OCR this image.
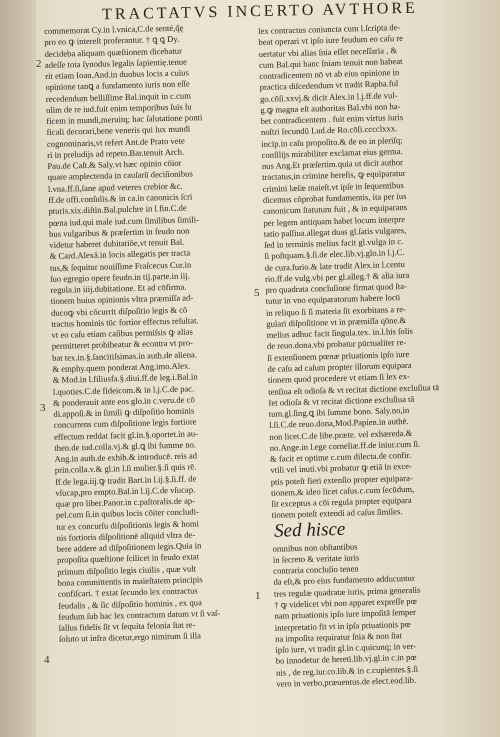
TRACTATVS INCERTO AVTHORE
commemorat Cy.in l.vnica,C.de senté,q̃ę
pro eo ꝙ intereſt proferantur. † ꝗ ꝗ Dy.
decideba aliquam quæſtionem dicebatur
adeſſe tota ſynodus legalis ſapientię.tenue
rit etiam Ioan.And.in duobus locis a cuius
opinione tanꝗ a fundamento iuris non eſſe
recedendum belliſſime Bal.inquit in c.cum
olim de re iud.fuit enim temporibus ſuis lu
ficem in mundi,meruitq; hac ſalutatione ponti
ficali decorari,bene veneris qui lux mundi
cognominaris,vt refert Ant.de Prato vete
ri in preludijs ad repeto.Bar.tenuit Arch.
Pau.de Caſt.& Saly.vt hæc opinio cōior
quare amplectenda in cauſarū deciſionibus
l.vna.ff.ſi,ſane apud veteres crebior &c.
ff.de offi.conſulis.& in ca.in canonicis ſcri
pturis.xix.diſtin.Bal.pulchre in l.fin.C.de
pœna iud.qui male iud.cum ſimilibus ſimili-
bus vulgaribus & præſertim in feudo non
videtur haberet dubitatiōe,vt tenuit Bal.
& Card.Alexā.in locis allegatis per tracta
tus,& ſequitur nouiſſime Fraſcecus Cur.in
ſuo egregio opere feudo.in tij.parte.in iij.
regula.in iiij.dubitatione. Et ad cōfirma.
tionem huius opinionis vltra præmiſſa ad-
ducoꝙ vbi cōcurrit diſpoſitio legis & cō
tractus hominis tūc fortior effectus reſultat.
vt eo caſu etiam caſibus permiſsis ꝙ alias
permitteret prohibeatur & econtra vt pro-
bat tex.in.§.ſancitiſsimas.in auth.de aliena.
& emphy.quem ponderat Ang.imo.Alex.
& Mod.in l.filiusfa.§.diui.ff.de leg.i.Bal.in
l.quoties.C.de fideicom.& in l.j.C.de pac.
& ponderauit ante eos glo.in c.veru.de cō
di.appoſi.& in ſimili ꝙ diſpoſitio hominis
concurrens cum diſpoſitione legis fortiore
effectum reddat facit gl.in.§.oportet.in au-
then.de iud.colla.vj.& gl.ꝗ ibi fumme no.
Ang.in auth.de exhib.& introducē. reis ad
prin.colla.v.& gl.in l.ſi mulier.§.ſi quis rē.
ff.de lega.iij.ꝙ tradit Bart.in l.ij.§.ſi.ff. de
vſucap,pro empto.Bal.in l.ij.C.de vſucap.
quæ pro liber.Panor.in c.paſtoralis.de ap-
pel.cum ſi.in quibus locis cōiter concludi-
tur ex concurſu diſpoſitionis legis & homi
nis fortioris diſpoſitionē aliquid vltra de-
bere addere ad diſpoſitionem legis.Quia in
propoſita quæſtione ſcilicet in feudo extat
primum diſpoſitio legis ciuilis , quæ vult
bona committentis in maieſtatem principis
confiſcari. † extat ſecundo lex contractus
feudalis , & ſic diſpoſitio hominis , ex qua
feudum ſub hac lex contractum datum vt ſi vaſ-
ſallus fidelis ſit vt ſequita felonia ſtat re-
ſoluto ut infra dicetur,ergo nimirum ſi illa
lex contractus coniuncta cum l.ſcripta de-
beat operari vt ipſo iure feudum eo caſu re
uertatur vbi alias ſnia eſſet neceſſaria , &
cum Bal.qui hanc ſniam tenuit non habeat
contradicentem nō vt ab eius opinione in
practica diſcedendum vt tradit Rapha.ful
go.cōſi.xxvj.& dicit Alex.in l.j.ff.de vul-
g.ꝙ magna eſt authoritas Bal.vbi non ha-
bet contradicentem . fuit enim virtus iuris
noſtri ſecundū Lud.de Ro.cōſi.cccclxxx.
incip.in caſu propoſito.& de eo in pleriſq;
conſilijs mirabiliter exclamat eius germa.
nus Ang.Et præſertim.quia ut dicit author
tractatus,in crimine hereſis, ꝙ equiparatur
crimini læſæ maieſt.vt ipſe in ſequentibus
dicemus cōprobat fundamentis, ita per ius
canonicum ſtatutum fuit , & in equiparans
per legem antiquam habet locum interpre
tatio paſſiua.allegat duas gl.ſatis vulgares,
ſed in terminis melius facit gl.vulga in c.
ſi poſtquam.§.ſi.de elec.lib.vj.glo.in l.j.C.
de cura.furio.& late tradit Alex.in l.centu
rio.ff.de vulg.vbi per gl.alleg.† & alia iura
pro quadrata concluſione firmat quod ſta-
tutur in vno equiparatorum habere locū
in reliquo ſi ſi materia ſit exorbitans a re-
gulari diſpoſitione vt in præmiſſa qōne.&
melius adhuc facit ſingula.tex. in.l.his ſolis
de reuo.dona.vbi probatur pūctualiter re-
ſi extenſionem pœnæ priuationis ipſo iure
de caſu ad caſum propter illorum equipara
tionem quod procedere vt etiam ſi lex ex-
tenſiua eſt odioſa & vt recitat dictione excluſiua tā
fet odioſa & vt recitat dictione excluſiua tā
tum.gl.ſing.ꝗ ibi ſumme bono. Saly.no,in
l.ſi.C.de reuo.dona,Mod.Papien.in authē.
non licet.C.de libe.præte. vel exhæreda.&
no.Ange.in l.ege corneliæ.ff.de iniur.cum ſi.
& facit et optime c.cum dilecta.de confir.
vtili vel inuti.vbi probatur ꝙ etiā in exce-
ptis poteſt fieri extenſio propter equipara-
tionem,& ideo licet caſus.c.cum ſecūdum,
ſit exceptus a cōi regula propter equipara
tionem poteſt extendi ad caſus ſimiles.
Sed hisce
omnibus non obſtantibus
in ſecreto & veritate iuris
contraria concluſio tenen
da eſt,& pro eius fundamento adducuntur
tres regulæ quadratæ iuris, prima generalis
† ꝙ videlicet vbi non apparet expreſſe pœ
nam priuationis ipſo iure impoſitā ſemper
interpretatio fit vt in ipſa priuationis pœ
na impoſita requiratur ſnia & non ſtat
ipſo iure, vt tradit gl.in c.quicunq; in ver-
bo innodetur de hereti.lib.vj.gl.in c.in pœ
nis , de reg.iur.co.lib.& in c.cupientes.§.ſi
vero in verbo,præuentus.de elect.eod.lib.
2
3
4
5
1
